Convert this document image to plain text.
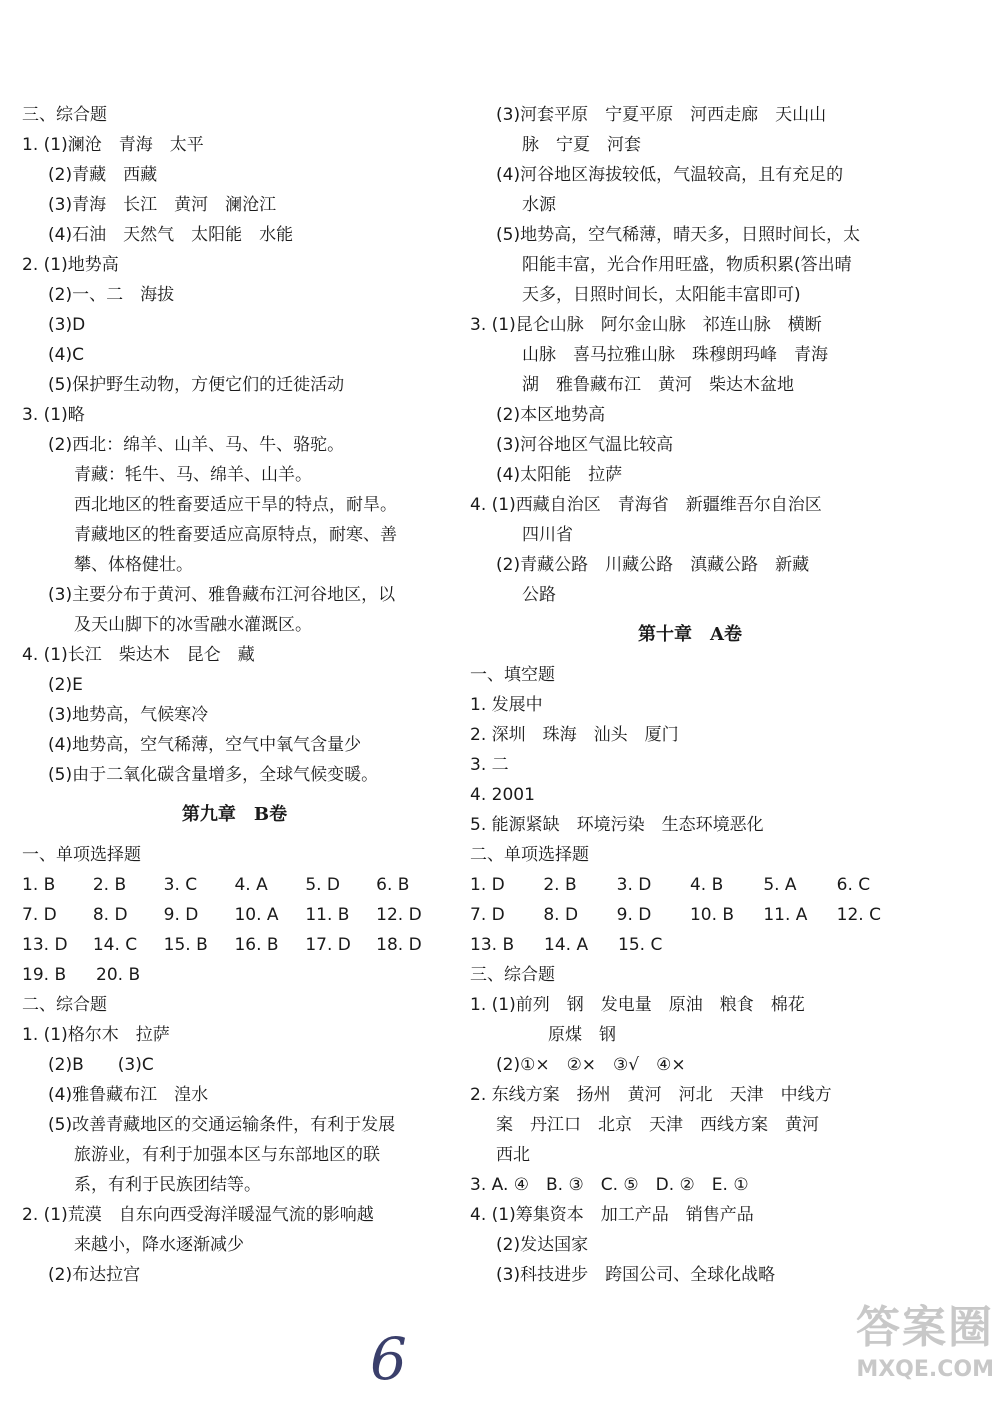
三、综合题
1. (1)澜沧　青海　太平
(2)青藏　西藏
(3)青海　长江　黄河　澜沧江
(4)石油　天然气　太阳能　水能
2. (1)地势高
(2)一、二　海拔
(3)D
(4)C
(5)保护野生动物，方便它们的迁徙活动
3. (1)略
(2)西北：绵羊、山羊、马、牛、骆驼。
青藏：牦牛、马、绵羊、山羊。
西北地区的牲畜要适应干旱的特点，耐旱。
青藏地区的牲畜要适应高原特点，耐寒、善
攀、体格健壮。
(3)主要分布于黄河、雅鲁藏布江河谷地区，以
及天山脚下的冰雪融水灌溉区。
4. (1)长江　柴达木　昆仑　藏
(2)E
(3)地势高，气候寒冷
(4)地势高，空气稀薄，空气中氧气含量少
(5)由于二氧化碳含量增多，全球气候变暖。
第九章　B卷
一、单项选择题
1. B	2. B	3. C	4. A	5. D	6. B
7. D	8. D	9. D	10. A	11. B	12. D
13. D	14. C	15. B	16. B	17. D	18. D
19. B	20. B
二、综合题
1. (1)格尔木　拉萨
(2)B　　(3)C
(4)雅鲁藏布江　湟水
(5)改善青藏地区的交通运输条件，有利于发展
旅游业，有利于加强本区与东部地区的联
系，有利于民族团结等。
2. (1)荒漠　自东向西受海洋暖湿气流的影响越
来越小，降水逐渐减少
(2)布达拉宫
(3)河套平原　宁夏平原　河西走廊　天山山
脉　宁夏　河套
(4)河谷地区海拔较低，气温较高，且有充足的
水源
(5)地势高，空气稀薄，晴天多，日照时间长，太
阳能丰富，光合作用旺盛，物质积累(答出晴
天多，日照时间长，太阳能丰富即可)
3. (1)昆仑山脉　阿尔金山脉　祁连山脉　横断
山脉　喜马拉雅山脉　珠穆朗玛峰　青海
湖　雅鲁藏布江　黄河　柴达木盆地
(2)本区地势高
(3)河谷地区气温比较高
(4)太阳能　拉萨
4. (1)西藏自治区　青海省　新疆维吾尔自治区
四川省
(2)青藏公路　川藏公路　滇藏公路　新藏
公路
第十章　A卷
一、填空题
1. 发展中
2. 深圳　珠海　汕头　厦门
3. 二
4. 2001
5. 能源紧缺　环境污染　生态环境恶化
二、单项选择题
1. D	2. B	3. D	4. B	5. A	6. C
7. D	8. D	9. D	10. B	11. A	12. C
13. B	14. A	15. C
三、综合题
1. (1)前列　钢　发电量　原油　粮食　棉花
原煤　钢
(2)①×　②×　③√　④×
2. 东线方案　扬州　黄河　河北　天津　中线方
案　丹江口　北京　天津　西线方案　黄河
西北
3. A. ④　B. ③　C. ⑤　D. ②　E. ①
4. (1)筹集资本　加工产品　销售产品
(2)发达国家
(3)科技进步　跨国公司、全球化战略
6	答案圈
MXQE.COM
